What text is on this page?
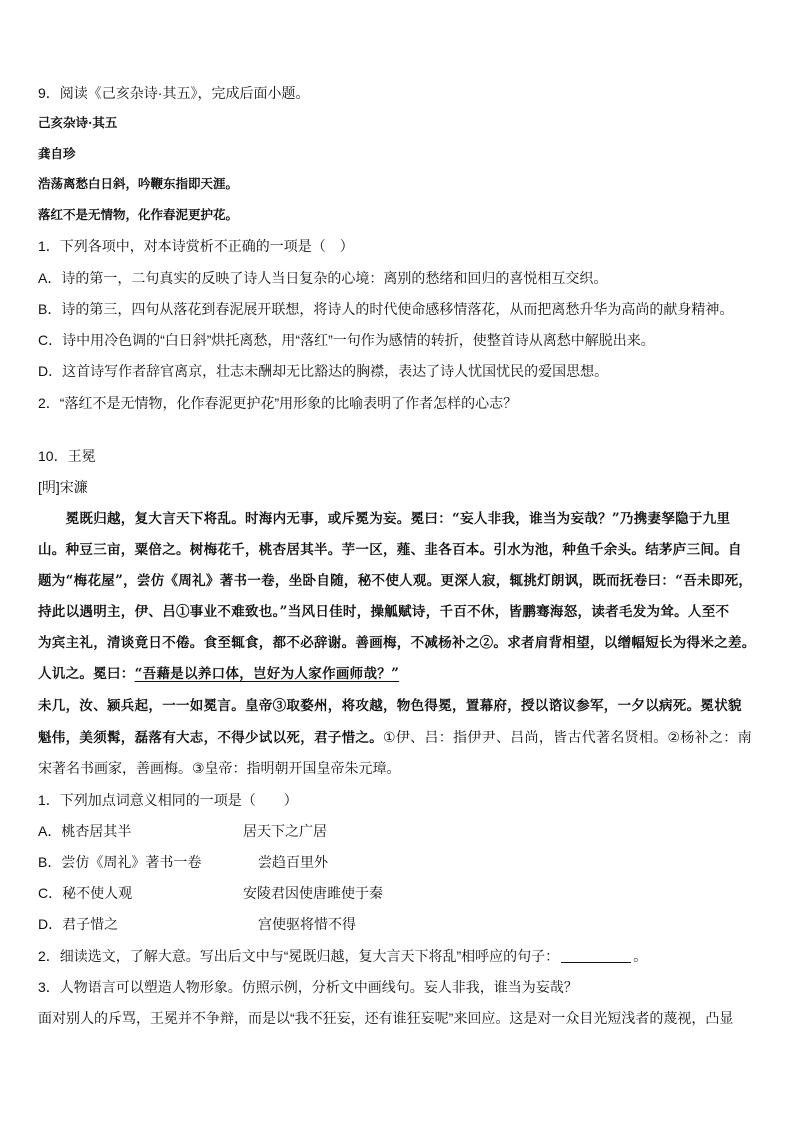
9．阅读《己亥杂诗·其五》，完成后面小题。
己亥杂诗·其五
龚自珍
浩荡离愁白日斜，吟鞭东指即天涯。
落红不是无情物，化作春泥更护花。
1．下列各项中，对本诗赏析不正确的一项是（　）
A．诗的第一，二句真实的反映了诗人当日复杂的心境：离别的愁绪和回归的喜悦相互交织。
B．诗的第三，四句从落花到春泥展开联想，将诗人的时代使命感移情落花，从而把离愁升华为高尚的献身精神。
C．诗中用冷色调的“白日斜”烘托离愁，用“落红”一句作为感情的转折，使整首诗从离愁中解脱出来。
D．这首诗写作者辞官离京，壮志未酬却无比豁达的胸襟，表达了诗人忧国忧民的爱国思想。
2．“落红不是无情物，化作春泥更护花”用形象的比喻表明了作者怎样的心志？
10．王冕
[明]宋濂
　　冕既归越，复大言天下将乱。时海内无事，或斥冕为妄。冕曰：“妄人非我，谁当为妄哉？”乃携妻孥隐于九里
山。种豆三亩，粟倍之。树梅花千，桃杏居其半。芋一区，薤、韭各百本。引水为池，种鱼千余头。结茅庐三间。自
题为“梅花屋”，尝仿《周礼》著书一卷，坐卧自随，秘不使人观。更深人寂，辄挑灯朗讽，既而抚卷曰：“吾未即死，
持此以遇明主，伊、吕①事业不难致也。”当风日佳时，操觚赋诗，千百不休，皆鹏骞海怒，读者毛发为耸。人至不
为宾主礼，清谈竟日不倦。食至辄食，都不必辞谢。善画梅，不减杨补之②。求者肩背相望，以缯幅短长为得米之差。
人讥之。冕曰：“吾藉是以养口体，岂好为人家作画师哉？”
未几，汝、颍兵起，一一如冕言。皇帝③取婺州，将攻越，物色得冕，置幕府，授以谘议参军，一夕以病死。冕状貌
魁伟，美须髯，磊落有大志，不得少试以死，君子惜之。①伊、吕：指伊尹、吕尚，皆古代著名贤相。②杨补之：南
宋著名书画家，善画梅。③皇帝：指明朝开国皇帝朱元璋。
1．下列加点词意义相同的一项是（　　）
A．桃杏居其半	居天下之广居
B．尝仿《周礼》著书一卷	尝趋百里外
C．秘不使人观	安陵君因使唐雎使于秦
D．君子惜之	宫使驱将惜不得
2．细读选文，了解大意。写出后文中与“冕既归越，复大言天下将乱”相呼应的句子：	。
3．人物语言可以塑造人物形象。仿照示例，分析文中画线句。妄人非我，谁当为妄哉？
面对别人的斥骂，王冕并不争辩，而是以“我不狂妄，还有谁狂妄呢”来回应。这是对一众目光短浅者的蔑视，凸显
